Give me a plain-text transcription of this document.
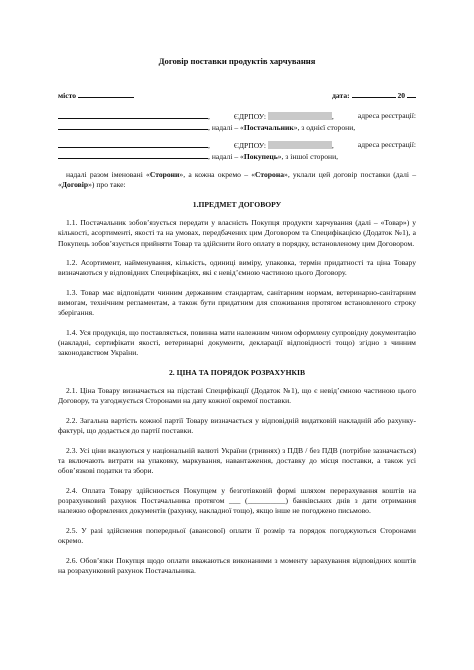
Договір поставки продуктів харчування
місто	дата:	20
,	ЄДРПОУ:	,	адреса реєстрації:
, надалі – «Постачальник», з однієї сторони,
,	ЄДРПОУ:	,	адреса реєстрації:
, надалі – «Покупець», з іншої сторони,

надалі разом іменовані «Сторони», а кожна окремо – «Сторона», уклали цей договір поставки (далі – «Договір») про таке:

1.ПРЕДМЕТ ДОГОВОРУ

1.1. Постачальник зобов’язується передати у власність Покупця продукти харчування (далі – «Товар») у кількості, асортименті, якості та на умовах, передбачених цим Договором та Специфікацією (Додаток №1), а Покупець зобов’язується прийняти Товар та здійснити його оплату в порядку, встановленому цим Договором.

1.2. Асортимент, найменування, кількість, одиниці виміру, упаковка, термін придатності та ціна Товару визначаються у відповідних Специфікаціях, які є невід’ємною частиною цього Договору.

1.3. Товар має відповідати чинним державним стандартам, санітарним нормам, ветеринарно-санітарним вимогам, технічним регламентам, а також бути придатним для споживання протягом встановленого строку зберігання.

1.4. Уся продукція, що поставляється, повинна мати належним чином оформлену супровідну документацію (накладні, сертифікати якості, ветеринарні документи, декларації відповідності тощо) згідно з чинним законодавством України.

2. ЦІНА ТА ПОРЯДОК РОЗРАХУНКІВ

2.1. Ціна Товару визначається на підставі Специфікації (Додаток №1), що є невід’ємною частиною цього Договору, та узгоджується Сторонами на дату кожної окремої поставки.

2.2. Загальна вартість кожної партії Товару визначається у відповідній видатковій накладній або рахунку-фактурі, що додається до партії поставки.

2.3. Усі ціни вказуються у національній валюті України (гривнях) з ПДВ / без ПДВ (потрібне зазначається) та включають витрати на упаковку, маркування, навантаження, доставку до місця поставки, а також усі обов’язкові податки та збори.

2.4. Оплата Товару здійснюється Покупцем у безготівковій формі шляхом перерахування коштів на розрахунковий рахунок Постачальника протягом ___ (__________) банківських днів з дати отримання належно оформлених документів (рахунку, накладної тощо), якщо інше не погоджено письмово.

2.5. У разі здійснення попередньої (авансової) оплати її розмір та порядок погоджуються Сторонами окремо.

2.6. Обов’язки Покупця щодо оплати вважаються виконаними з моменту зарахування відповідних коштів на розрахунковий рахунок Постачальника.
